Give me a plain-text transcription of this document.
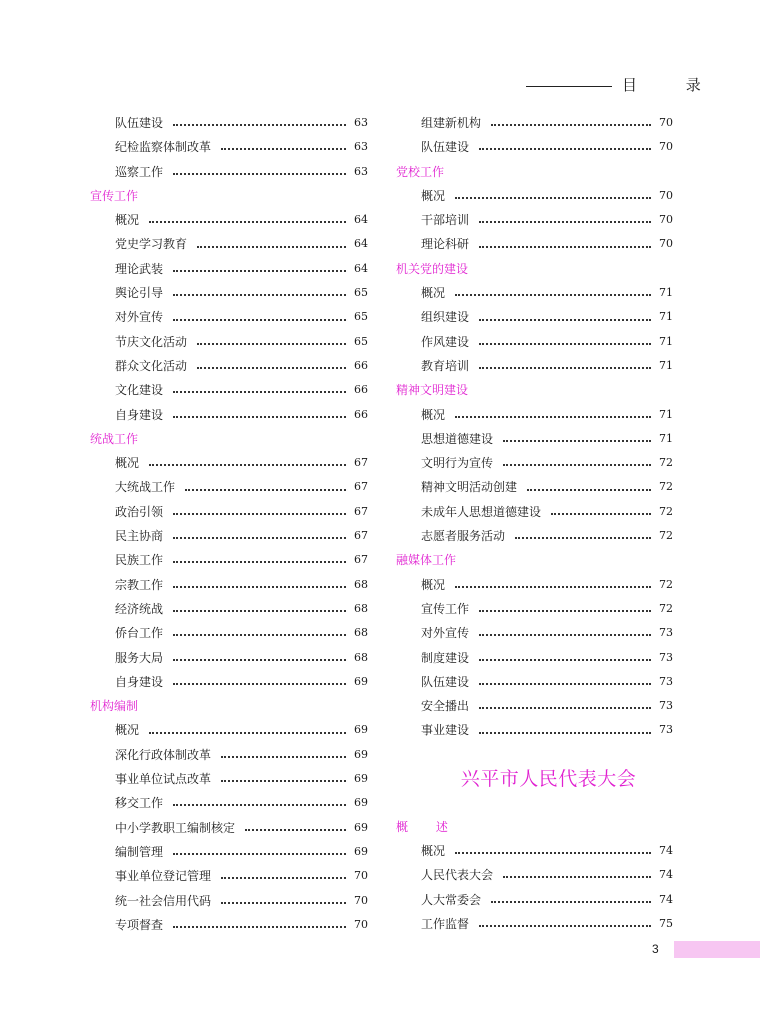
目 录
队伍建设	63
纪检监察体制改革	63
巡察工作	63
宣传工作
概况	64
党史学习教育	64
理论武装	64
舆论引导	65
对外宣传	65
节庆文化活动	65
群众文化活动	66
文化建设	66
自身建设	66
统战工作
概况	67
大统战工作	67
政治引领	67
民主协商	67
民族工作	67
宗教工作	68
经济统战	68
侨台工作	68
服务大局	68
自身建设	69
机构编制
概况	69
深化行政体制改革	69
事业单位试点改革	69
移交工作	69
中小学教职工编制核定	69
编制管理	69
事业单位登记管理	70
统一社会信用代码	70
专项督查	70
组建新机构	70
队伍建设	70
党校工作
概况	70
干部培训	70
理论科研	70
机关党的建设
概况	71
组织建设	71
作风建设	71
教育培训	71
精神文明建设
概况	71
思想道德建设	71
文明行为宣传	72
精神文明活动创建	72
未成年人思想道德建设	72
志愿者服务活动	72
融媒体工作
概况	72
宣传工作	72
对外宣传	73
制度建设	73
队伍建设	73
安全播出	73
事业建设	73
兴平市人民代表大会
概 述
概况	74
人民代表大会	74
人大常委会	74
工作监督	75
3
